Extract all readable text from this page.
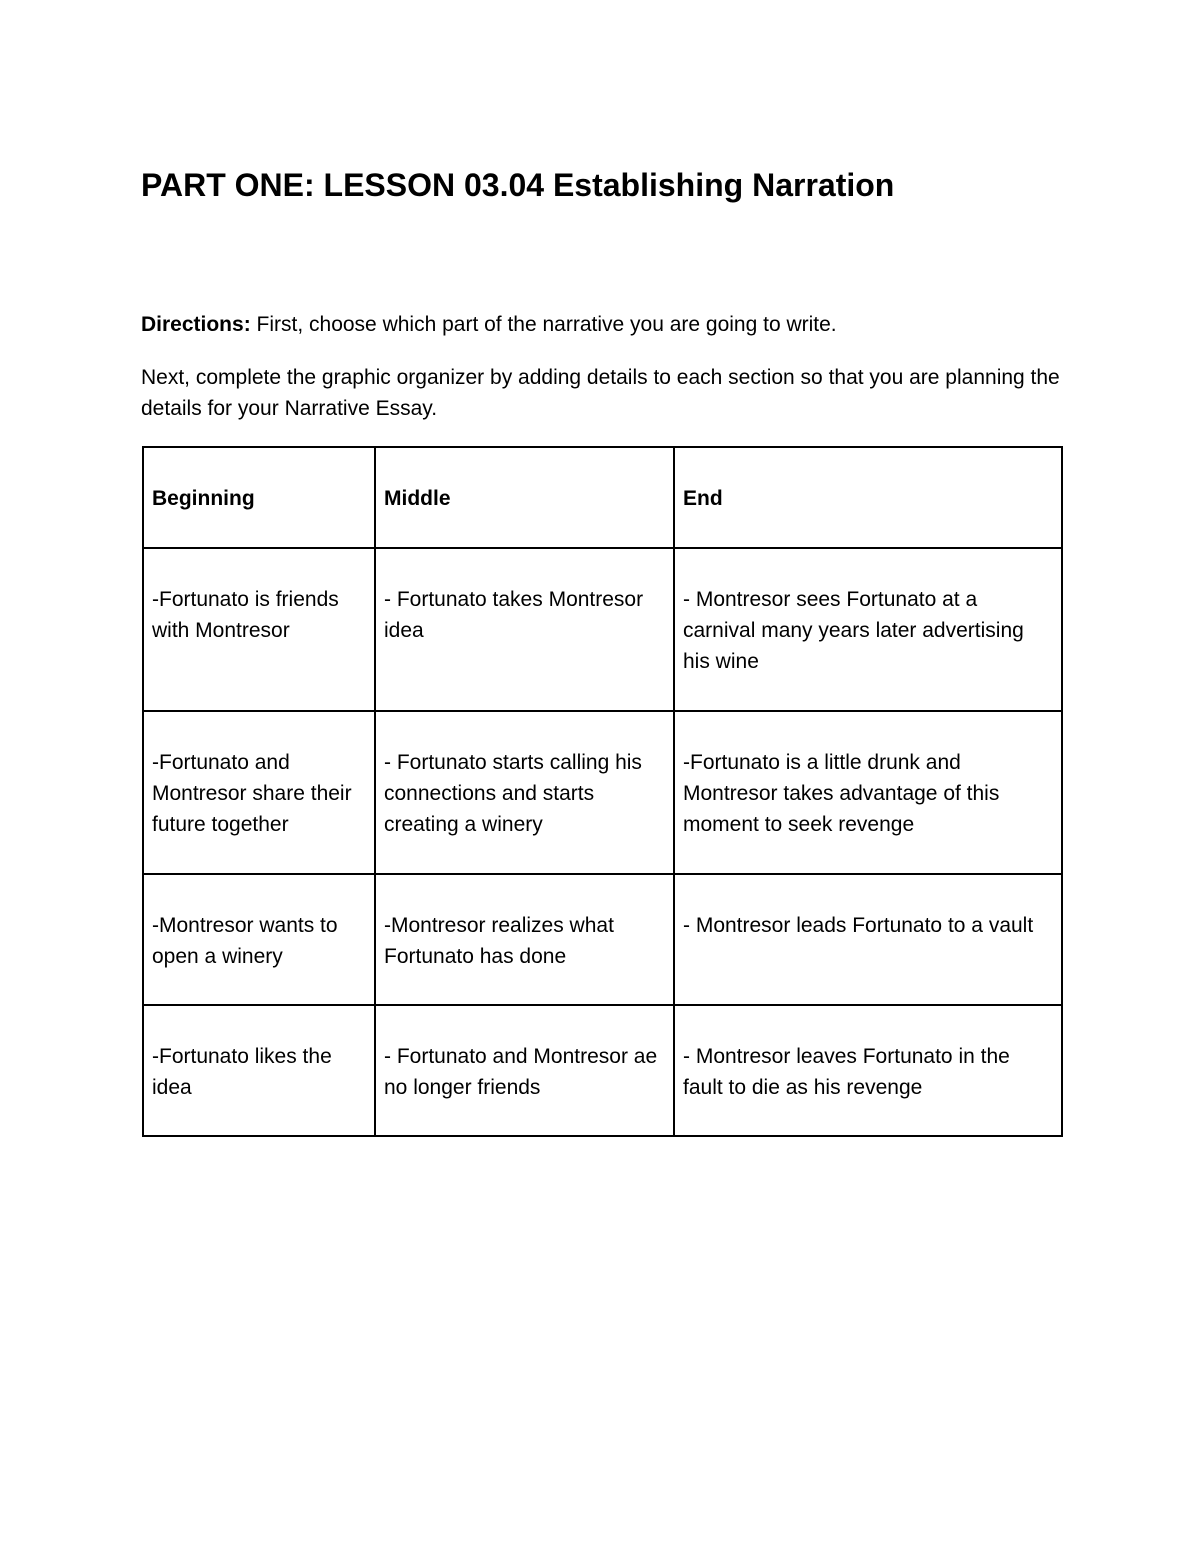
PART ONE: LESSON 03.04 Establishing Narration

Directions: First, choose which part of the narrative you are going to write.

Next, complete the graphic organizer by adding details to each section so that you are planning the details for your Narrative Essay.

Beginning	Middle	End
-Fortunato is friends with Montresor	- Fortunato takes Montresor idea	- Montresor sees Fortunato at a carnival many years later advertising his wine
-Fortunato and Montresor share their future together	- Fortunato starts calling his connections and starts creating a winery	-Fortunato is a little drunk and Montresor takes advantage of this moment to seek revenge
-Montresor wants to open a winery	-Montresor realizes what Fortunato has done	- Montresor leads Fortunato to a vault
-Fortunato likes the idea	- Fortunato and Montresor ae no longer friends	- Montresor leaves Fortunato in the fault to die as his revenge
